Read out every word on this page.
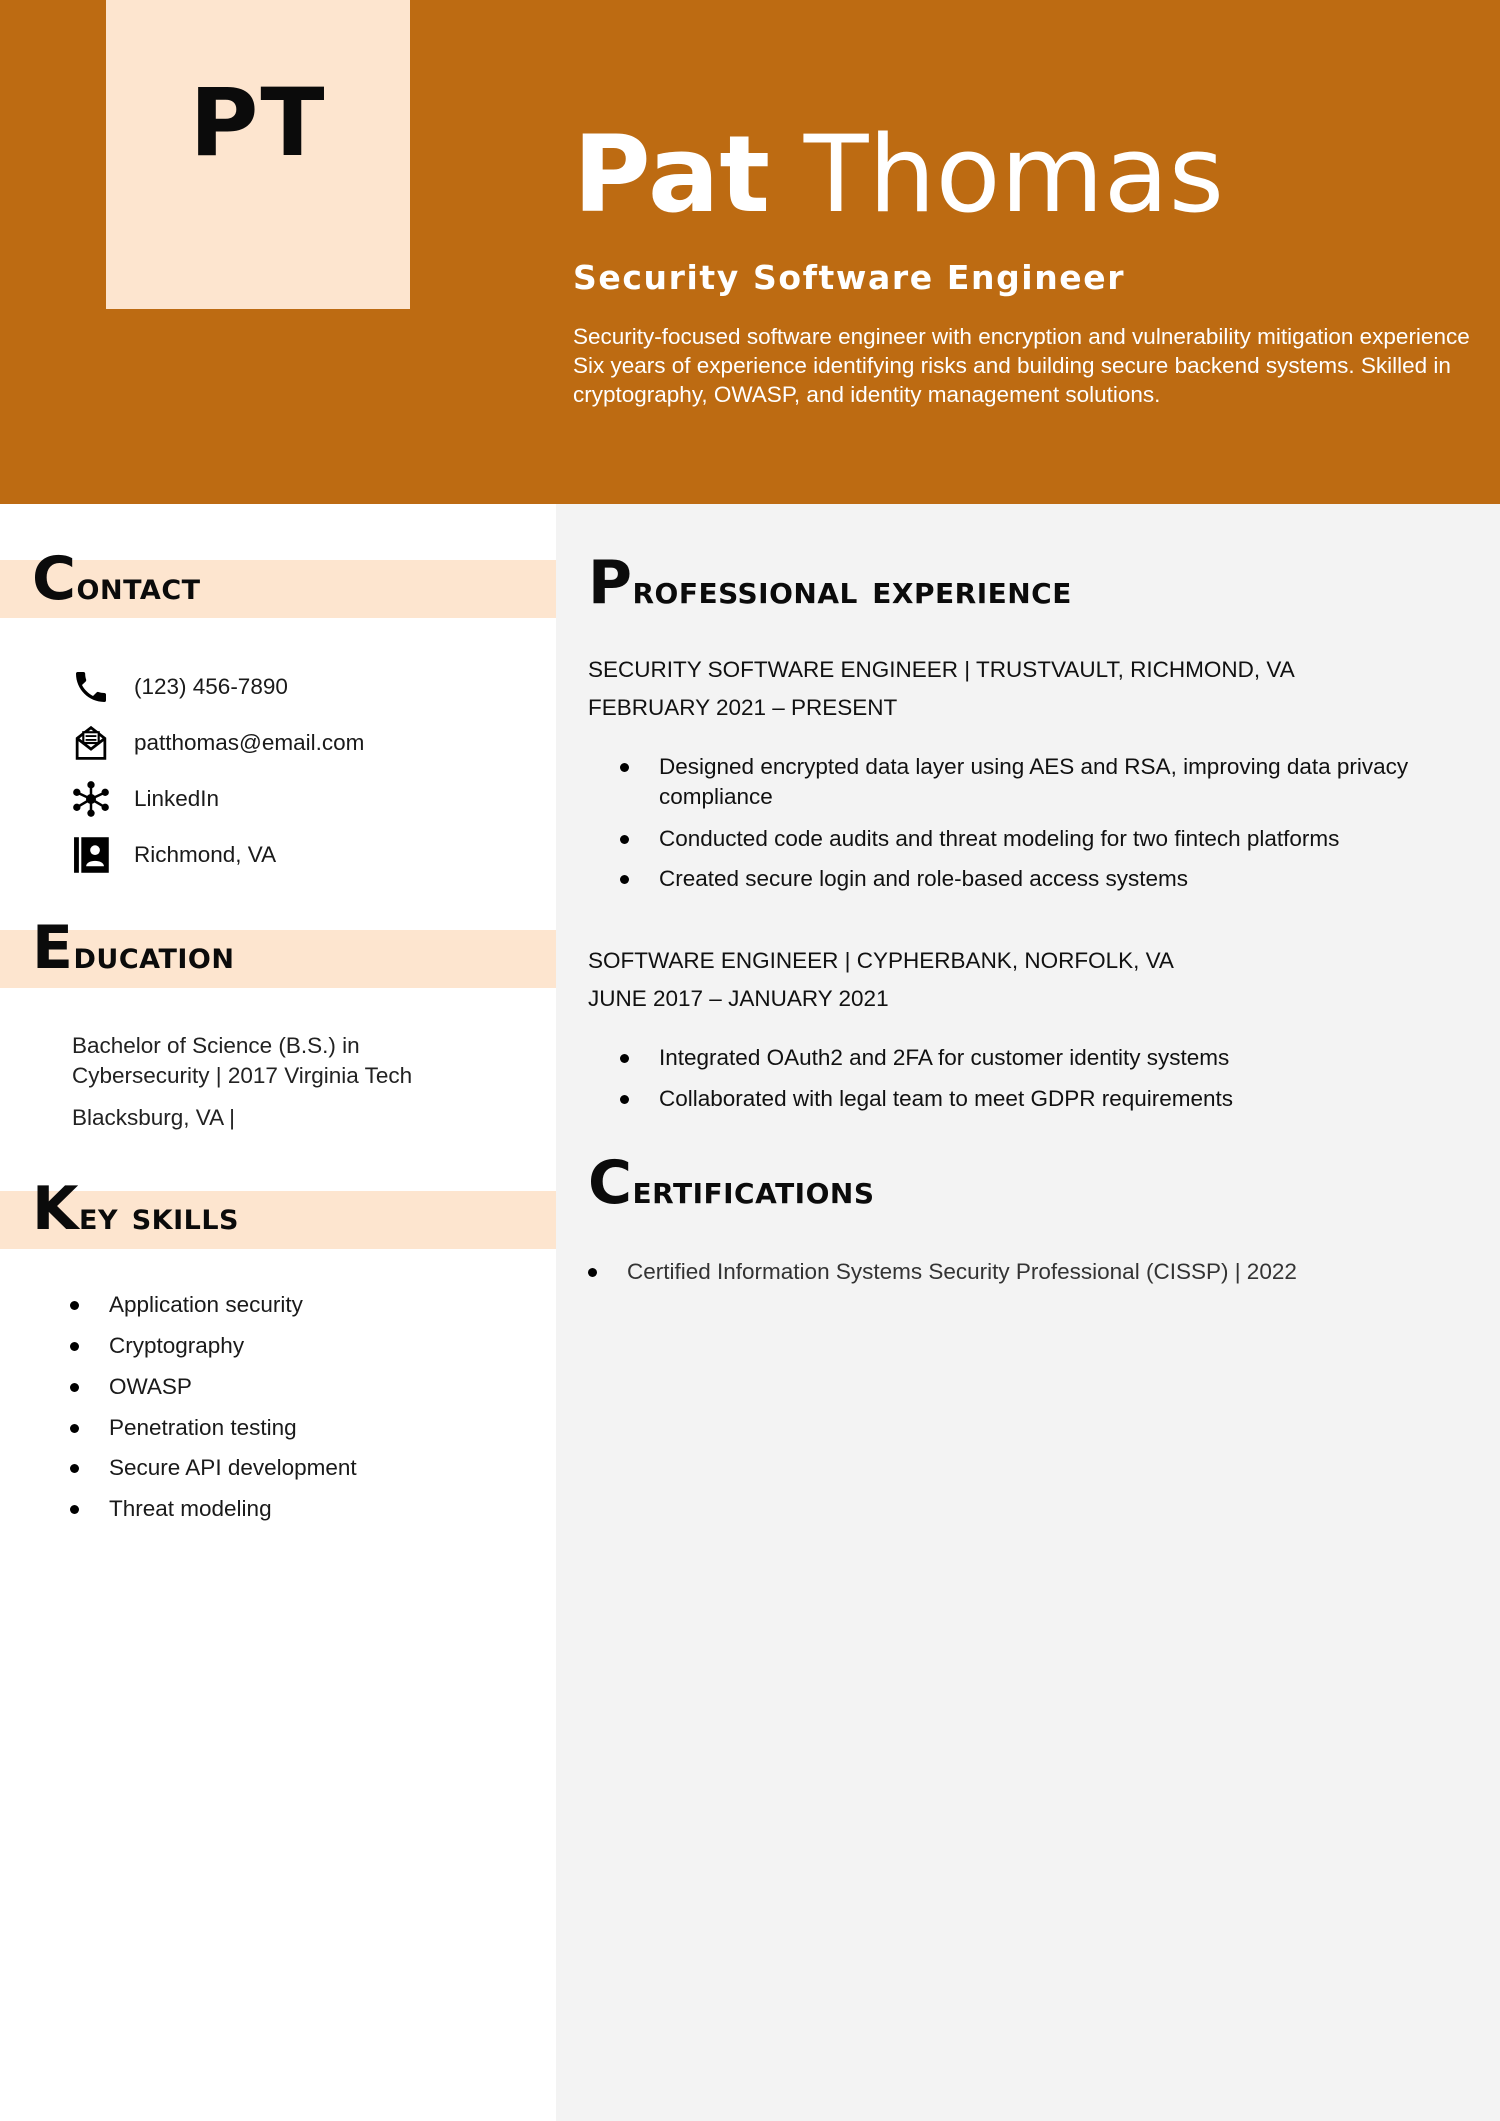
PT Pat Thomas
Security Software Engineer
Security-focused software engineer with encryption and vulnerability mitigation experience
Six years of experience identifying risks and building secure backend systems. Skilled in cryptography, OWASP, and identity management solutions.
Contact
(123) 456-7890
patthomas@email.com
LinkedIn
Richmond, VA
Education
Bachelor of Science (B.S.) in
Cybersecurity | 2017 Virginia Tech
Blacksburg, VA |
Key skills
Application security
Cryptography
OWASP
Penetration testing
Secure API development
Threat modeling
Professional experience
SECURITY SOFTWARE ENGINEER | TRUSTVAULT, RICHMOND, VA
FEBRUARY 2021 – PRESENT
Designed encrypted data layer using AES and RSA, improving data privacy compliance
Conducted code audits and threat modeling for two fintech platforms
Created secure login and role-based access systems
SOFTWARE ENGINEER | CYPHERBANK, NORFOLK, VA
JUNE 2017 – JANUARY 2021
Integrated OAuth2 and 2FA for customer identity systems
Collaborated with legal team to meet GDPR requirements
Certifications
Certified Information Systems Security Professional (CISSP) | 2022
